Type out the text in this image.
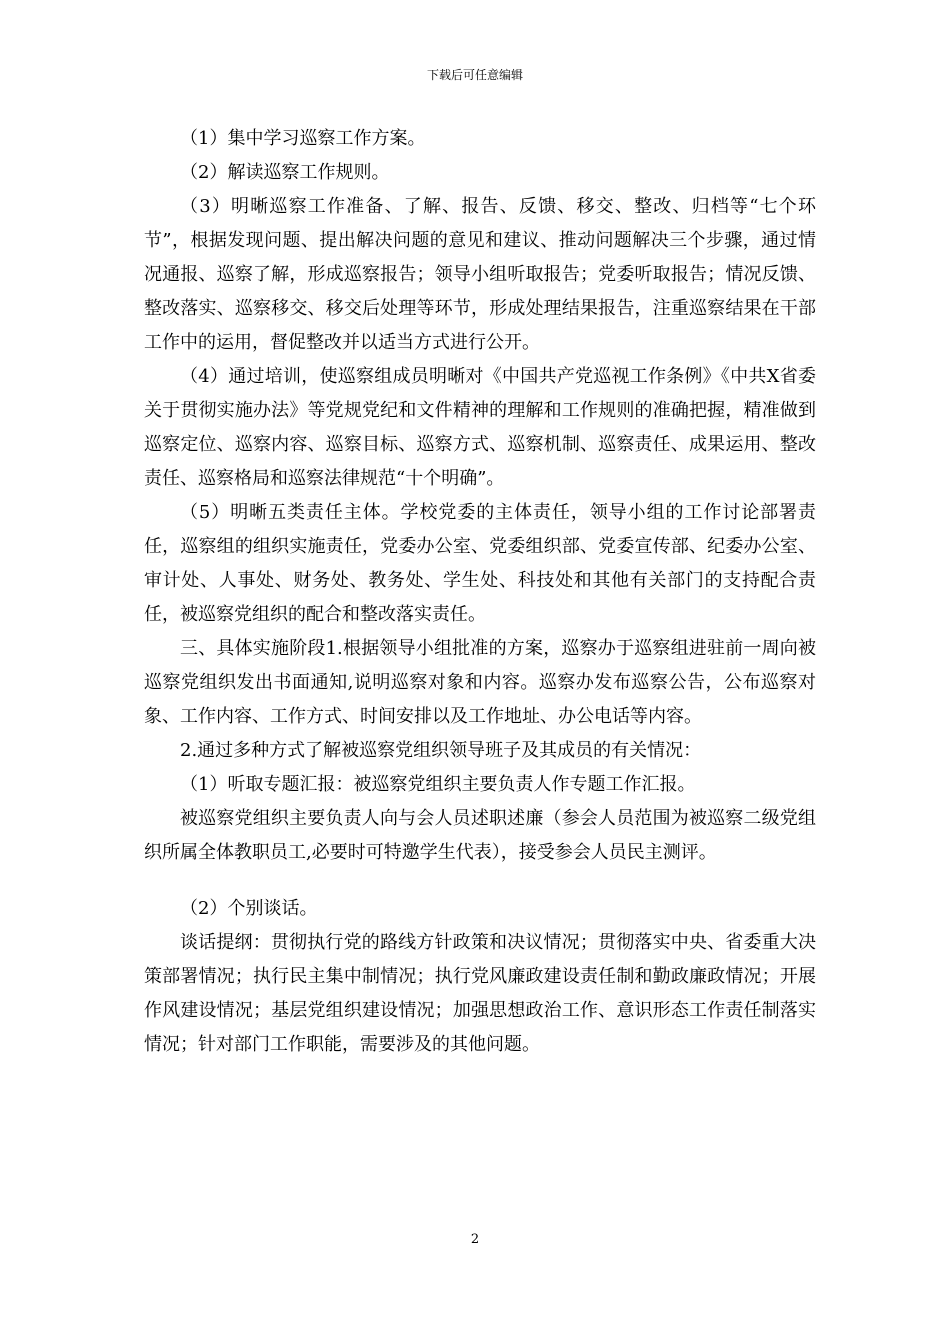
下载后可任意编辑

（1）集中学习巡察工作方案。

（2）解读巡察工作规则。

（3）明晰巡察工作准备、了解、报告、反馈、移交、整改、归档等“七个环节”，根据发现问题、提出解决问题的意见和建议、推动问题解决三个步骤，通过情况通报、巡察了解，形成巡察报告；领导小组听取报告；党委听取报告；情况反馈、整改落实、巡察移交、移交后处理等环节，形成处理结果报告，注重巡察结果在干部工作中的运用，督促整改并以适当方式进行公开。

（4）通过培训，使巡察组成员明晰对《中国共产党巡视工作条例》《中共X省委关于贯彻实施办法》等党规党纪和文件精神的理解和工作规则的准确把握，精准做到巡察定位、巡察内容、巡察目标、巡察方式、巡察机制、巡察责任、成果运用、整改责任、巡察格局和巡察法律规范“十个明确”。

（5）明晰五类责任主体。学校党委的主体责任，领导小组的工作讨论部署责任，巡察组的组织实施责任，党委办公室、党委组织部、党委宣传部、纪委办公室、审计处、人事处、财务处、教务处、学生处、科技处和其他有关部门的支持配合责任，被巡察党组织的配合和整改落实责任。

三、具体实施阶段1.根据领导小组批准的方案，巡察办于巡察组进驻前一周向被巡察党组织发出书面通知,说明巡察对象和内容。巡察办发布巡察公告，公布巡察对象、工作内容、工作方式、时间安排以及工作地址、办公电话等内容。

2.通过多种方式了解被巡察党组织领导班子及其成员的有关情况：

（1）听取专题汇报：被巡察党组织主要负责人作专题工作汇报。

被巡察党组织主要负责人向与会人员述职述廉（参会人员范围为被巡察二级党组织所属全体教职员工,必要时可特邀学生代表），接受参会人员民主测评。

（2）个别谈话。

谈话提纲：贯彻执行党的路线方针政策和决议情况；贯彻落实中央、省委重大决策部署情况；执行民主集中制情况；执行党风廉政建设责任制和勤政廉政情况；开展作风建设情况；基层党组织建设情况；加强思想政治工作、意识形态工作责任制落实情况；针对部门工作职能，需要涉及的其他问题。

2
